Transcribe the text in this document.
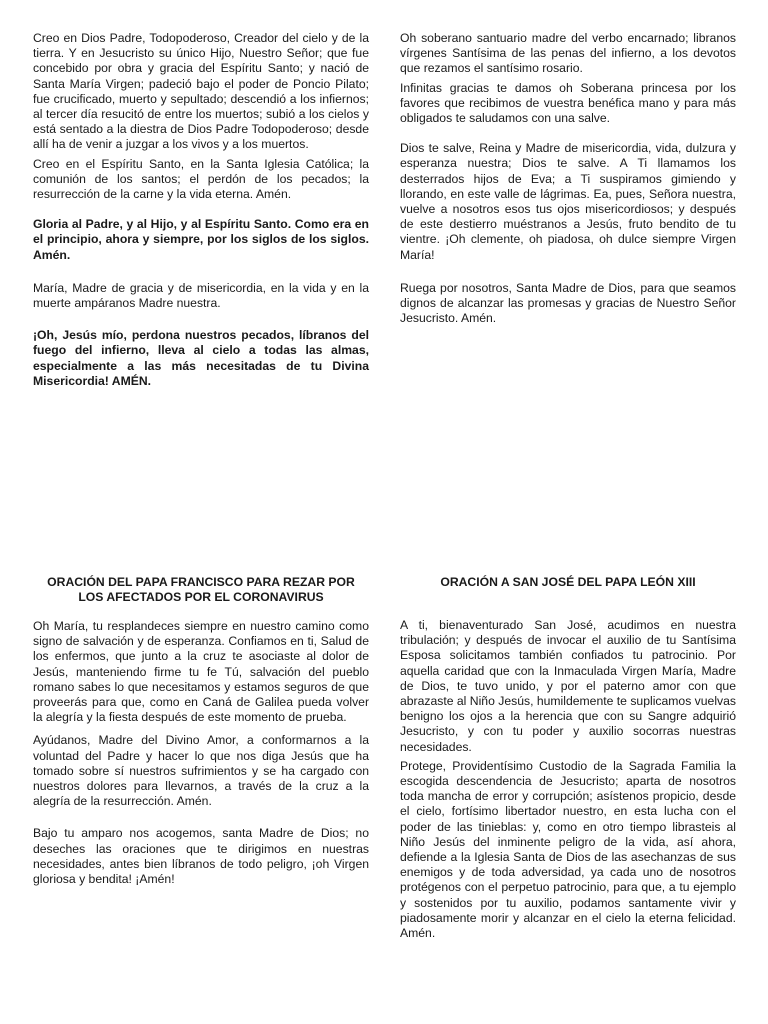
Creo en Dios Padre, Todopoderoso, Creador del cielo y de la tierra. Y en Jesucristo su único Hijo, Nuestro Señor; que fue concebido por obra y gracia del Espíritu Santo; y nació de Santa María Virgen; padeció bajo el poder de Poncio Pilato; fue crucificado, muerto y sepultado; descendió a los infiernos; al tercer día resucitó de entre los muertos; subió a los cielos y está sentado a la diestra de Dios Padre Todopoderoso; desde allí ha de venir a juzgar a los vivos y a los muertos.

Creo en el Espíritu Santo, en la Santa Iglesia Católica; la comunión de los santos; el perdón de los pecados; la resurrección de la carne y la vida eterna. Amén.

Gloria al Padre, y al Hijo, y al Espíritu Santo. Como era en el principio, ahora y siempre, por los siglos de los siglos. Amén.

María, Madre de gracia y de misericordia, en la vida y en la muerte ampáranos Madre nuestra.

¡Oh, Jesús mío, perdona nuestros pecados, líbranos del fuego del infierno, lleva al cielo a todas las almas, especialmente a las más necesitadas de tu Divina Misericordia! AMÉN.

Oh soberano santuario madre del verbo encarnado; libranos vírgenes Santísima de las penas del infierno, a los devotos que rezamos el santísimo rosario.

Infinitas gracias te damos oh Soberana princesa por los favores que recibimos de vuestra benéfica mano y para más obligados te saludamos con una salve.

Dios te salve, Reina y Madre de misericordia, vida, dulzura y esperanza nuestra; Dios te salve. A Ti llamamos los desterrados hijos de Eva; a Ti suspiramos gimiendo y llorando, en este valle de lágrimas. Ea, pues, Señora nuestra, vuelve a nosotros esos tus ojos misericordiosos; y después de este destierro muéstranos a Jesús, fruto bendito de tu vientre. ¡Oh clemente, oh piadosa, oh dulce siempre Virgen María!

Ruega por nosotros, Santa Madre de Dios, para que seamos dignos de alcanzar las promesas y gracias de Nuestro Señor Jesucristo. Amén.

ORACIÓN DEL PAPA FRANCISCO PARA REZAR POR LOS AFECTADOS POR EL CORONAVIRUS

Oh María, tu resplandeces siempre en nuestro camino como signo de salvación y de esperanza. Confiamos en ti, Salud de los enfermos, que junto a la cruz te asociaste al dolor de Jesús, manteniendo firme tu fe Tú, salvación del pueblo romano sabes lo que necesitamos y estamos seguros de que proveerás para que, como en Caná de Galilea pueda volver la alegría y la fiesta después de este momento de prueba.

Ayúdanos, Madre del Divino Amor, a conformarnos a la voluntad del Padre y hacer lo que nos diga Jesús que ha tomado sobre sí nuestros sufrimientos y se ha cargado con nuestros dolores para llevarnos, a través de la cruz a la alegría de la resurrección. Amén.

Bajo tu amparo nos acogemos, santa Madre de Dios; no deseches las oraciones que te dirigimos en nuestras necesidades, antes bien líbranos de todo peligro, ¡oh Virgen gloriosa y bendita! ¡Amén!

ORACIÓN A SAN JOSÉ DEL PAPA LEÓN XIII

A ti, bienaventurado San José, acudimos en nuestra tribulación; y después de invocar el auxilio de tu Santísima Esposa solicitamos también confiados tu patrocinio. Por aquella caridad que con la Inmaculada Virgen María, Madre de Dios, te tuvo unido, y por el paterno amor con que abrazaste al Niño Jesús, humildemente te suplicamos vuelvas benigno los ojos a la herencia que con su Sangre adquirió Jesucristo, y con tu poder y auxilio socorras nuestras necesidades.

Protege, Providentísimo Custodio de la Sagrada Familia la escogida descendencia de Jesucristo; aparta de nosotros toda mancha de error y corrupción; asístenos propicio, desde el cielo, fortísimo libertador nuestro, en esta lucha con el poder de las tinieblas: y, como en otro tiempo librasteis al Niño Jesús del inminente peligro de la vida, así ahora, defiende a la Iglesia Santa de Dios de las asechanzas de sus enemigos y de toda adversidad, ya cada uno de nosotros protégenos con el perpetuo patrocinio, para que, a tu ejemplo y sostenidos por tu auxilio, podamos santamente vivir y piadosamente morir y alcanzar en el cielo la eterna felicidad. Amén.
